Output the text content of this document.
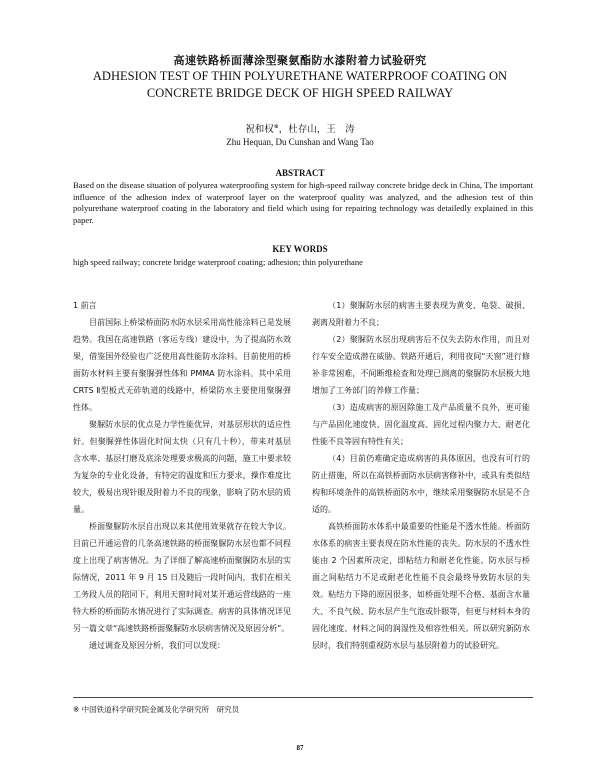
高速铁路桥面薄涂型聚氨酯防水漆附着力试验研究
ADHESION TEST OF THIN POLYURETHANE WATERPROOF COATING ON
CONCRETE BRIDGE DECK OF HIGH SPEED RAILWAY
祝和权※，杜存山，王　涛
Zhu Hequan, Du Cunshan and Wang Tao
ABSTRACT
Based on the disease situation of polyurea waterproofing system for high-speed railway concrete bridge deck in China, The important influence of the adhesion index of waterproof layer on the waterproof quality was analyzed, and the adhesion test of thin polyurethane waterproof coating in the laboratory and field which using for repairing technology was detailedly explained in this paper.
KEY WORDS
high speed railway; concrete bridge waterproof coating; adhesion; thin polyurethane

1 前言

目前国际上桥梁桥面防水防水层采用高性能涂料已是发展趋势。我国在高速铁路（客运专线）建设中，为了提高防水效果，借鉴国外经验也广泛使用高性能防水涂料。目前使用的桥面防水材料主要有聚脲弹性体和 PMMA 防水涂料。其中采用 CRTS Ⅱ型板式无砟轨道的线路中，桥梁防水主要使用聚脲弹性体。

聚脲防水层的优点是力学性能优异，对基层形状的适应性好。但聚脲弹性体固化时间太快（只有几十秒），带来对基层含水率、基层打磨及底涂处理要求极高的问题，施工中要求较为复杂的专业化设备，有特定的温度和压力要求，操作难度比较大，极易出现针眼及附着力不良的现象，影响了防水层的质量。

桥面聚脲防水层自出现以来其使用效果就存在较大争议。目前已开通运营的几条高速铁路的桥面聚脲防水层也都不同程度上出现了病害情况。为了详细了解高速桥面聚脲防水层的实际情况，2011 年 9 月 15 日及随后一段时间内，我们在相关工务段人员的陪同下，利用天窗时间对某开通运营线路的一座特大桥的桥面防水情况进行了实际调查。病害的具体情况详见另一篇文章“高速铁路桥面聚脲防水层病害情况及原因分析”。

通过调查及原因分析，我们可以发现：

（1）聚脲防水层的病害主要表现为黄变、龟裂、破损、剥离及附着力不良；

（2）聚脲防水层出现病害后不仅失去防水作用，而且对行车安全造成潜在威胁。铁路开通后，利用夜间“天窗”进行修补非常困难，不间断维检查和处理已测离的聚脲防水层极大地增加了工务部门的养修工作量；

（3）造成病害的原因除施工及产品质量不良外，更可能与产品固化速度快、固化温度高、固化过程内聚力大、耐老化性能不良等固有特性有关；

（4）目前仍难确定造成病害的具体原因，也没有可行的防止措施，所以在高铁桥面防水层病害修补中，或具有类似结构和环境条件的高铁桥面防水中，继续采用聚脲防水层是不合适的。

高铁桥面防水体系中最重要的性能是不透水性能。桥面防水体系的病害主要表现在防水性能的丧失。防水层的不透水性能由 2 个因素所决定，即粘结力和耐老化性能。防水层与桥面之间粘结力不足或耐老化性能不良会最终导致防水层的失效。粘结力下降的原因很多，如桥面处理不合格、基面含水量大、不良气候、防水层产生气泡或针眼等，但更与材料本身的固化速度、材料之间的润湿性及相容性相关。所以研究新防水层时，我们特别重视防水层与基层附着力的试验研究。

※ 中国铁道科学研究院金属及化学研究所　研究员
87
